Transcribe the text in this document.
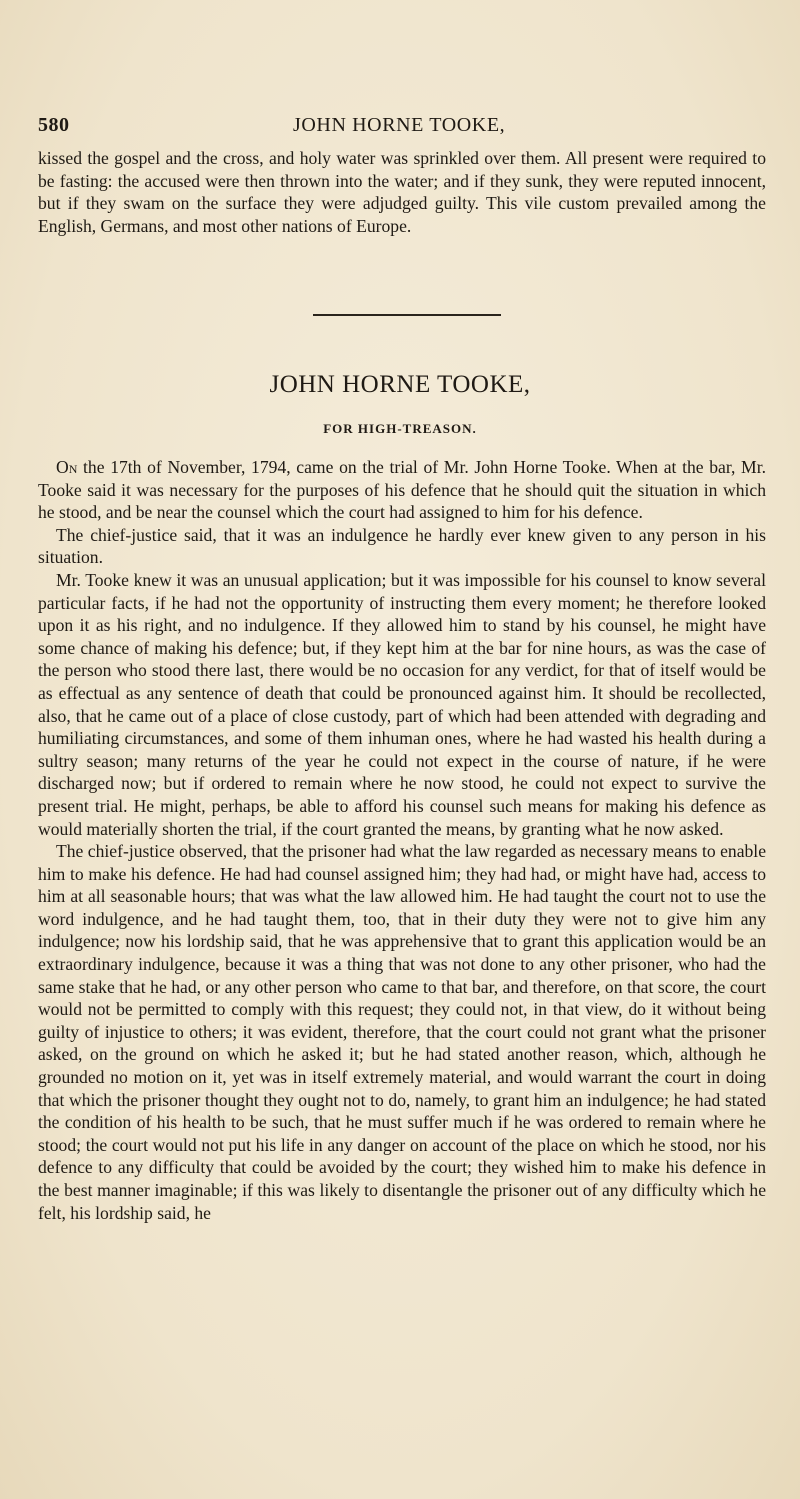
580	JOHN HORNE TOOKE,

kissed the gospel and the cross, and holy water was sprinkled over them. All present were required to be fasting: the accused were then thrown into the water; and if they sunk, they were reputed innocent, but if they swam on the surface they were adjudged guilty. This vile custom prevailed among the English, Germans, and most other nations of Europe.

JOHN HORNE TOOKE,
FOR HIGH-TREASON.

On the 17th of November, 1794, came on the trial of Mr. John Horne Tooke. When at the bar, Mr. Tooke said it was necessary for the purposes of his defence that he should quit the situation in which he stood, and be near the counsel which the court had assigned to him for his defence.

The chief-justice said, that it was an indulgence he hardly ever knew given to any person in his situation.

Mr. Tooke knew it was an unusual application; but it was impossible for his counsel to know several particular facts, if he had not the opportunity of instructing them every moment; he therefore looked upon it as his right, and no indulgence. If they allowed him to stand by his counsel, he might have some chance of making his defence; but, if they kept him at the bar for nine hours, as was the case of the person who stood there last, there would be no occasion for any verdict, for that of itself would be as effectual as any sentence of death that could be pronounced against him. It should be recollected, also, that he came out of a place of close custody, part of which had been attended with degrading and humiliating circumstances, and some of them inhuman ones, where he had wasted his health during a sultry season; many returns of the year he could not expect in the course of nature, if he were discharged now; but if ordered to remain where he now stood, he could not expect to survive the present trial. He might, perhaps, be able to afford his counsel such means for making his defence as would materially shorten the trial, if the court granted the means, by granting what he now asked.

The chief-justice observed, that the prisoner had what the law regarded as necessary means to enable him to make his defence. He had had counsel assigned him; they had had, or might have had, access to him at all seasonable hours; that was what the law allowed him. He had taught the court not to use the word indulgence, and he had taught them, too, that in their duty they were not to give him any indulgence; now his lordship said, that he was apprehensive that to grant this application would be an extraordinary indulgence, because it was a thing that was not done to any other prisoner, who had the same stake that he had, or any other person who came to that bar, and therefore, on that score, the court would not be permitted to comply with this request; they could not, in that view, do it without being guilty of injustice to others; it was evident, therefore, that the court could not grant what the prisoner asked, on the ground on which he asked it; but he had stated another reason, which, although he grounded no motion on it, yet was in itself extremely material, and would warrant the court in doing that which the prisoner thought they ought not to do, namely, to grant him an indulgence; he had stated the condition of his health to be such, that he must suffer much if he was ordered to remain where he stood; the court would not put his life in any danger on account of the place on which he stood, nor his defence to any difficulty that could be avoided by the court; they wished him to make his defence in the best manner imaginable; if this was likely to disentangle the prisoner out of any difficulty which he felt, his lordship said, he
